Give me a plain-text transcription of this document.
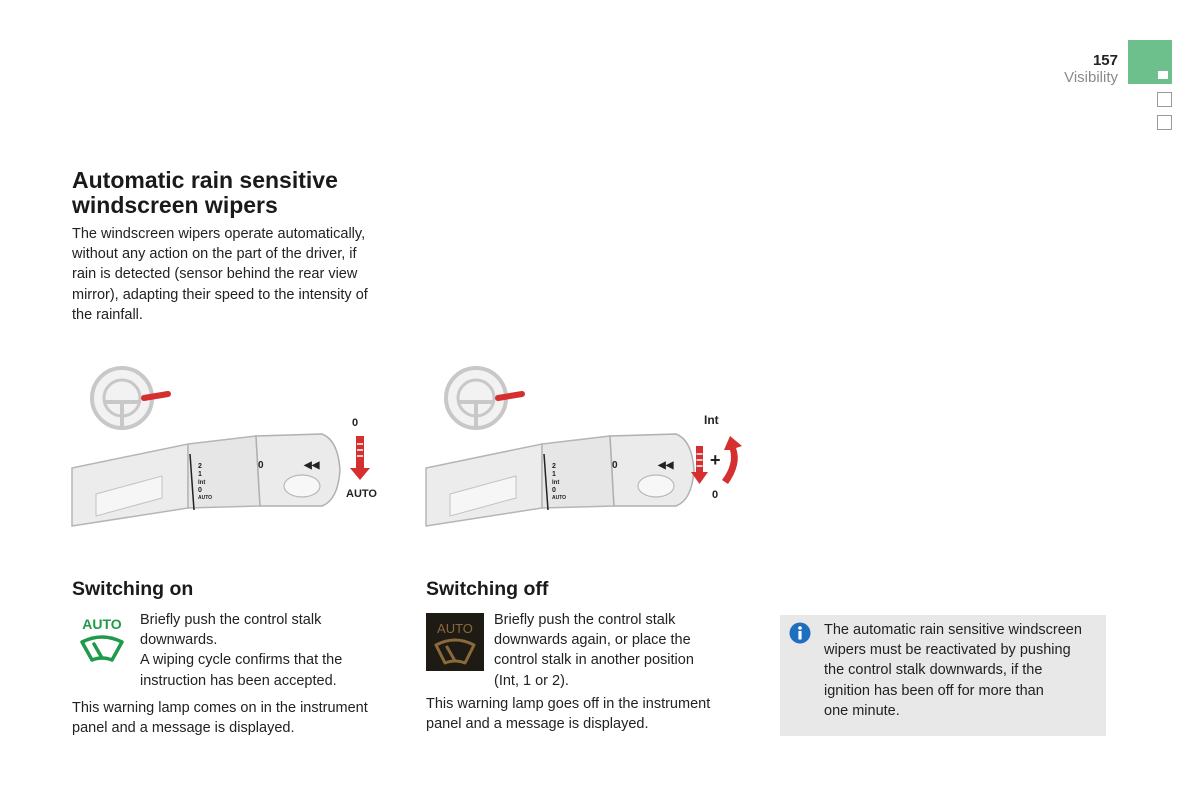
157
Visibility
Automatic rain sensitive
windscreen wipers
The windscreen wipers operate automatically,
without any action on the part of the driver, if
rain is detected (sensor behind the rear view
mirror), adapting their speed to the intensity of
the rainfall.
2
1
Int
0
AUTO
0	◀◀
0
AUTO
2
1
Int
0
AUTO
0	◀◀
Int
+
0
Switching on
AUTO Briefly push the control stalk
downwards.
A wiping cycle confirms that the
instruction has been accepted.
This warning lamp comes on in the instrument
panel and a message is displayed.
Switching off
AUTO
Briefly push the control stalk
downwards again, or place the
control stalk in another position
(Int, 1 or 2).
This warning lamp goes off in the instrument
panel and a message is displayed.
The automatic rain sensitive windscreen
wipers must be reactivated by pushing
the control stalk downwards, if the
ignition has been off for more than
one minute.
